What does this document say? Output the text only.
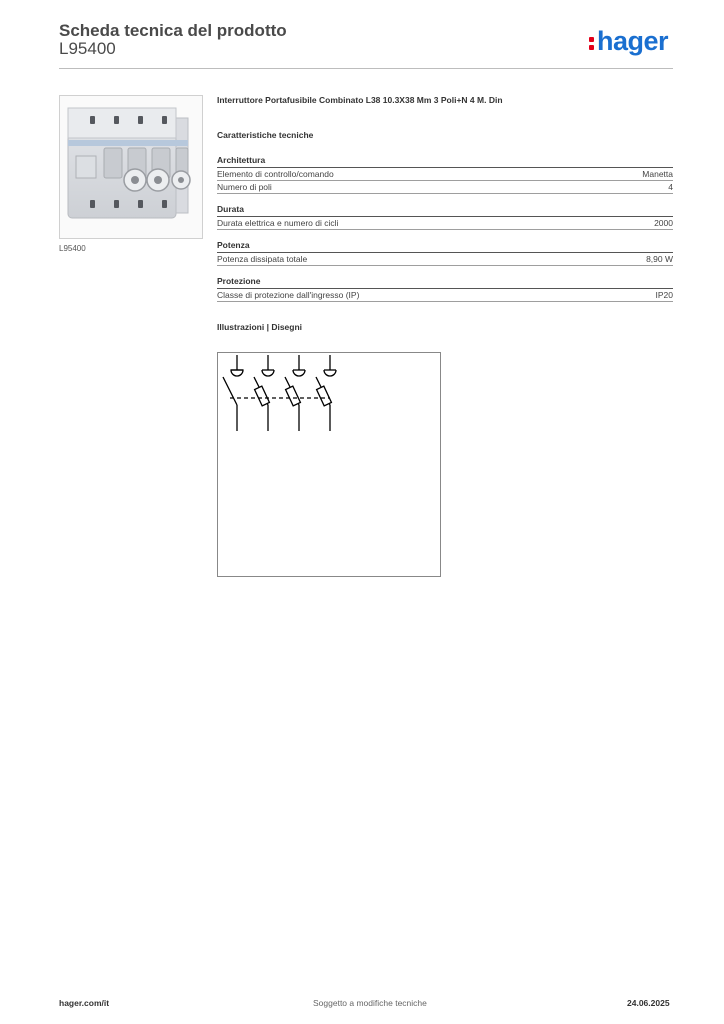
Scheda tecnica del prodotto
L95400	hager
L95400
Interruttore Portafusibile Combinato L38 10.3X38 Mm 3 Poli+N 4 M. Din
Caratteristiche tecniche
Architettura
Elemento di controllo/comando	Manetta
Numero di poli	4
Durata
Durata elettrica e numero di cicli	2000
Potenza
Potenza dissipata totale	8,90 W
Protezione
Classe di protezione dall'ingresso (IP)	IP20
Illustrazioni | Disegni
hager.com/it	Soggetto a modifiche tecniche	24.06.2025
